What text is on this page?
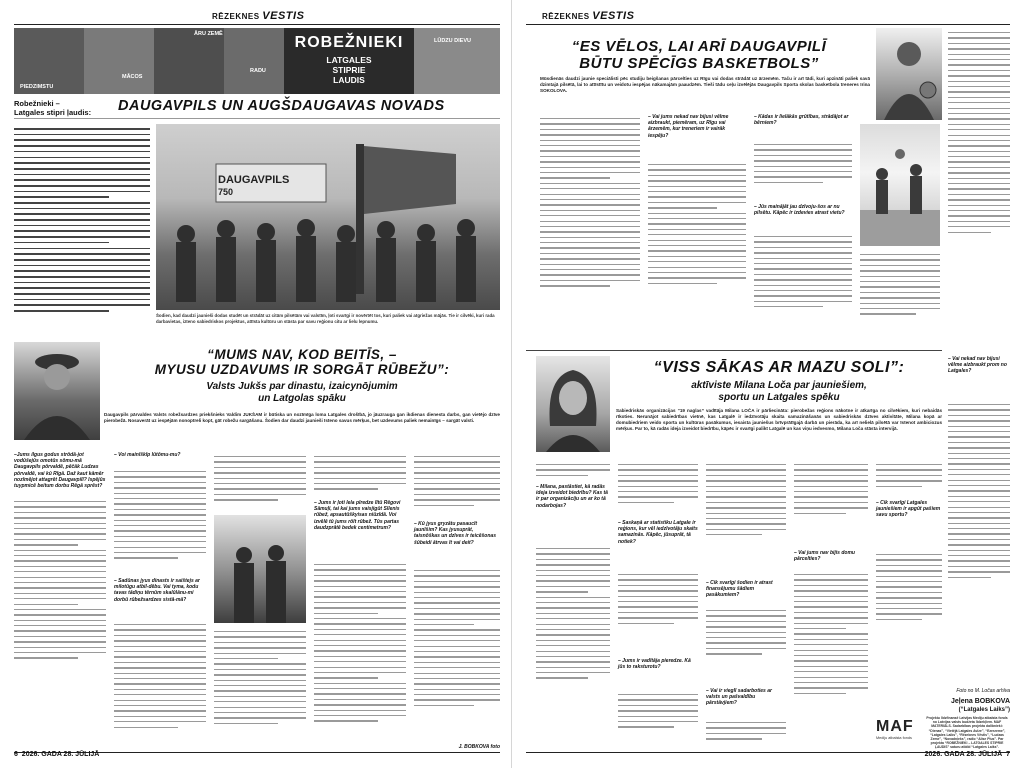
RĒZEKNES VESTIS
PIEDZIMSTU
MĀCOS
ĀRU ZEMĒ
RADU
LŪDZU DIEVU
ROBEŽNIEKI
LATGALES
STIPRIE
LAUDIS
Robežnieki –
Latgales stipri ļaudis:	DAUGAVPILS UN AUGŠDAUGAVAS NOVADS
DAUGAVPILS
750
Šodien, kad daudzi jaunieši dodas studēt un strādāt uz citām pilsētām vai valstīm, ļoti svarīgi ir novērtēt tos, kuri paliek vai atgriežas mājās. Tie ir cilvēki, kuri rada darbavietas, izteno sabiedriskos projektus, attīsta kultūru un stāsta par savu reģionu citu ar lielu lepnumu.
“MUMS NAV, KOD BEITĪS, –
MYUSU UZDAVUMS IR SORGĀT RŪBEŽU”:
Valsts Jukšs par dinastu, izaicynōjumim
un Latgolas spāku
Daugavpils pārvaldes Valsts robežsardzes priekšnieks Valdim JUKŠAM ir būtiska un nozīmīga loma Latgales drošībā, jo jāuzrauga gan ikdienas dienesta darbs, gan vietējo dzīve pierobežā. Nosaverāt uz iespējām nonoptreli kopt, gāt robežu sargāšanu. Šodien dar daudzi jaunieši īsteno savus mērķus, bet uzdevums paliek nemainīgs – sargāt valsti.
–Jums ilgus godus strōdā-jot vodūšejūs omotūs sōmu-mā Daugavpils pōrvaldē, pēčāk Ludzas pōrvaldē, vai kū Rīgā. Daž kaut kāmēr nozīmējot attagrēt Daugavpilī? Ispējūs tuypmicē beitum dorbu Rēgā sprēst?
– Voi mainīškīp lūtōmu-mu?
– Sadūnas jyus dinasts ir saištejs ar milotūgu atbil-dēbu. Vai tyma, kodu tavas tādiņu tērnūm skalūlānu-mi dorbū rūbežsardzes sistā-mā?
– Jums ir ļoti lela pīredze lītū Rēgovi Sāmuļi, tai kai jums vaisjigūt Sīlenis rūbež, apsautūškyisas niūzīdā. Voi izvēlē tū jums rōlt rūbež. Tūs partas daudzprātē bedek centimetrum?
– Kū jyus gryzātu pasaucīt jaunīšim? Kas jyusuprāt, taisnōškas un dzīves ir teicēšonas šūbeidi ātrvas īt vai deit?
J. BOBKOVA foto
6 2026. GADA 28. JŪLIJĀ
RĒZEKNES VESTIS
“ES VĒLOS, LAI ARĪ DAUGAVPILĪ
BŪTU SPĒCĪGS BASKETBOLS”
Mūsdienās daudzi jaunie speciālisti pēc studiju beigšanas pārcelties uz Rīgu vai dodas strādāt uz ārzemēm. Taču ir arī tādi, kuri apzināti paliek savā dzimtajā pilsētā, lai to attīstītu un veidotu iespējas nākamajām paaudzēm. Tieši tādu ceļu izvēlējās Daugavpils Sporta skolas basketbola treneres Irina SOKOLOVA.
– Vai jums nekad nav bijusi vēlme aizbraukt, piemēram, uz Rīgu vai ārzemēm, kur treneriem ir vairāk iespēju?
– Kādas ir lielākās grūtības, strādājot ar bērniem?
– Jūs mainājāt jau dzīvoju-šos ar nu pilsētu. Kāpēc ir izdevies atrast vietu?
– Vai nekad nav bijusi vēlme aizbraukt prom no Latgales?
“VISS SĀKAS AR MAZU SOLI”:
aktīviste Milana Loča par jauniešiem,
sportu un Latgales spēku
Sabiedriskās organizācijas “19 naglas” vadītāja Milana LOČA ir pārliecināta: pierobežas reģions nākotne ir atkarīga no cilvēkiem, kuri nebaidās rīkoties. Nerunājot sabiedrības vietnē, kas Latgalē ir iedzīvotāju skaita samazināšanās un sabiedriskās dzīves aktivitāte, Milana kopā ar domubiedriem veido sporta un kultūras pasākumus, iesaista jauniešus brīvprātīgajā darbā un pierāda, ka arī nelielā pilsētā var īstenot ambiciozus mērķus. Par to, kā radās ideja izveidot biedrību, kāpēc ir svarīgi palikt Latgalē un kas viņu iedvesmo, Milana Loča stāsta intervijā.
– Milana, pastāstiet, kā radās ideja izveidot biedrību? Kas tā ir par organizāciju un ar ko tā nodarbojas?
– Saskaņā ar statistiku Latgale ir reģions, kur vēl iedzīvotāju skaits samazinās. Kāpēc, jūsuprāt, tā notiek?
– Jums ir vadītāja pieredze. Kā jūs to raksturotu?
– Cik svarīgi šodien ir atrast finansējumu šādiem pasākumiem?
– Vai ir vieglī sadarboties ar valsts un pašvaldību pārstāvjiem?
– Vai jums nav bijis domu pārcelties?
– Cik svarīgi Latgales jauniešiem ir apgūt pašiem savu sportu?
Foto no M. Ločas arhīva
Jeļena BOBKOVA
(“Latgales Laiks”)
MAF
Mediju atbalsta fonds
Projektu līdzfinansē Latvijas Mediju atbalsta fonds no Latvijas valsts budžeta līdzekļiem. MAF MATERIĀLS. Sadarbības projekta dalībnieki: “Dienas”, “Vietējā Latgales Avīze”, “Ezerzeme”, “Latgales Laiks”, “Rēzeknes Vēstis”, “Ludzas Zeme”, “Novadnieks”, radio “Alise Plus”. Par projekta “ROBEŽNIEKI – LATGALES STIPRIE ĻAUDIS” saturu atbild “Latgales Laiks”.
2026. GADA 28. JŪLIJĀ 7
